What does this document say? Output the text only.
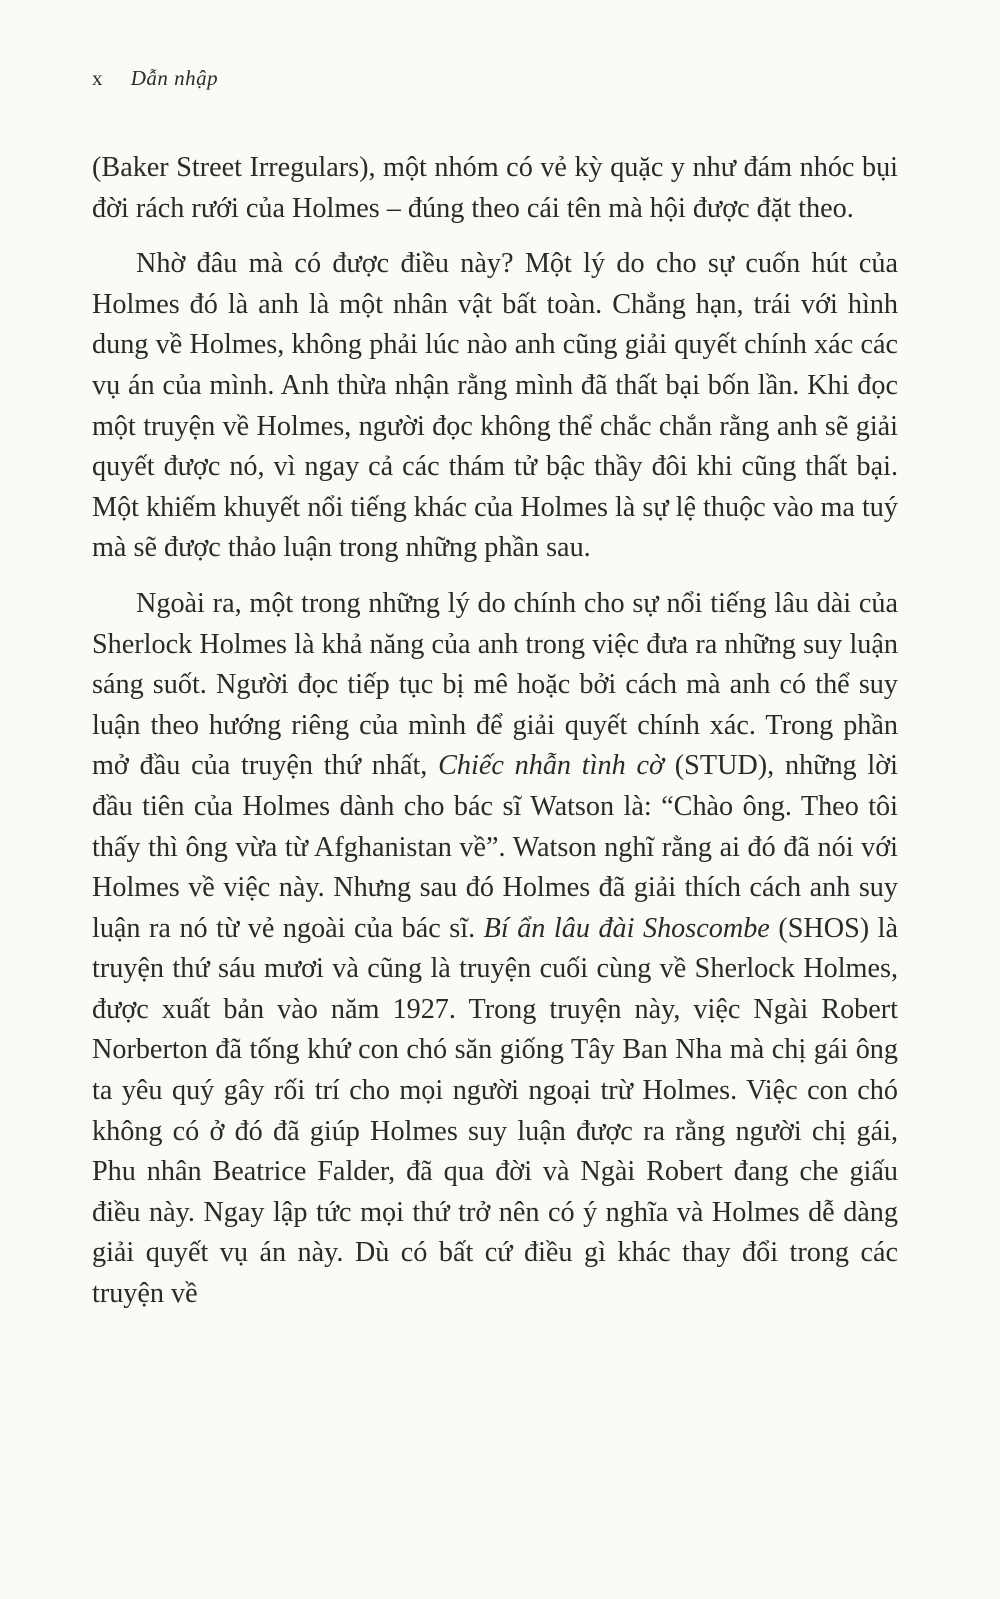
x Dẫn nhập

(Baker Street Irregulars), một nhóm có vẻ kỳ quặc y như đám nhóc bụi đời rách rưới của Holmes – đúng theo cái tên mà hội được đặt theo.

Nhờ đâu mà có được điều này? Một lý do cho sự cuốn hút của Holmes đó là anh là một nhân vật bất toàn. Chẳng hạn, trái với hình dung về Holmes, không phải lúc nào anh cũng giải quyết chính xác các vụ án của mình. Anh thừa nhận rằng mình đã thất bại bốn lần. Khi đọc một truyện về Holmes, người đọc không thể chắc chắn rằng anh sẽ giải quyết được nó, vì ngay cả các thám tử bậc thầy đôi khi cũng thất bại. Một khiếm khuyết nổi tiếng khác của Holmes là sự lệ thuộc vào ma tuý mà sẽ được thảo luận trong những phần sau.

Ngoài ra, một trong những lý do chính cho sự nổi tiếng lâu dài của Sherlock Holmes là khả năng của anh trong việc đưa ra những suy luận sáng suốt. Người đọc tiếp tục bị mê hoặc bởi cách mà anh có thể suy luận theo hướng riêng của mình để giải quyết chính xác. Trong phần mở đầu của truyện thứ nhất, Chiếc nhẫn tình cờ (STUD), những lời đầu tiên của Holmes dành cho bác sĩ Watson là: “Chào ông. Theo tôi thấy thì ông vừa từ Afghanistan về”. Watson nghĩ rằng ai đó đã nói với Holmes về việc này. Nhưng sau đó Holmes đã giải thích cách anh suy luận ra nó từ vẻ ngoài của bác sĩ. Bí ẩn lâu đài Shoscombe (SHOS) là truyện thứ sáu mươi và cũng là truyện cuối cùng về Sherlock Holmes, được xuất bản vào năm 1927. Trong truyện này, việc Ngài Robert Norberton đã tống khứ con chó săn giống Tây Ban Nha mà chị gái ông ta yêu quý gây rối trí cho mọi người ngoại trừ Holmes. Việc con chó không có ở đó đã giúp Holmes suy luận được ra rằng người chị gái, Phu nhân Beatrice Falder, đã qua đời và Ngài Robert đang che giấu điều này. Ngay lập tức mọi thứ trở nên có ý nghĩa và Holmes dễ dàng giải quyết vụ án này. Dù có bất cứ điều gì khác thay đổi trong các truyện về
